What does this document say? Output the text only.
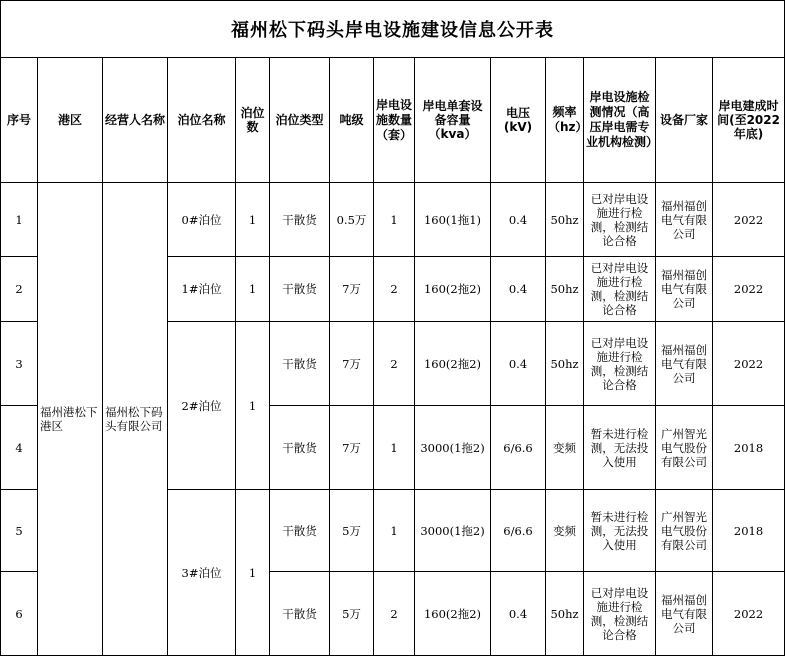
福州松下码头岸电设施建设信息公开表													
序号	港区	经营人名称	泊位名称	泊位数	泊位类型	吨级	岸电设施数量（套）	岸电单套设备容量（kva）	电压(kV)	频率（hz）	岸电设施检测情况（高压岸电需专业机构检测）	设备厂家	岸电建成时间(至2022年底)
1	福州港松下港区	福州松下码头有限公司	0#泊位	1	干散货	0.5万	1	160(1拖1)	0.4	50hz	已对岸电设施进行检测，检测结论合格	福州福创电气有限公司	2022
2			1#泊位	1	干散货	7万	2	160(2拖2)	0.4	50hz	已对岸电设施进行检测，检测结论合格	福州福创电气有限公司	2022
3			2#泊位	1	干散货	7万	2	160(2拖2)	0.4	50hz	已对岸电设施进行检测，检测结论合格	福州福创电气有限公司	2022
4					干散货	7万	1	3000(1拖2)	6/6.6	变频	暂未进行检测，无法投入使用	广州智光电气股份有限公司	2018
5			3#泊位	1	干散货	5万	1	3000(1拖2)	6/6.6	变频	暂未进行检测，无法投入使用	广州智光电气股份有限公司	2018
6					干散货	5万	2	160(2拖2)	0.4	50hz	已对岸电设施进行检测，检测结论合格	福州福创电气有限公司	2022
